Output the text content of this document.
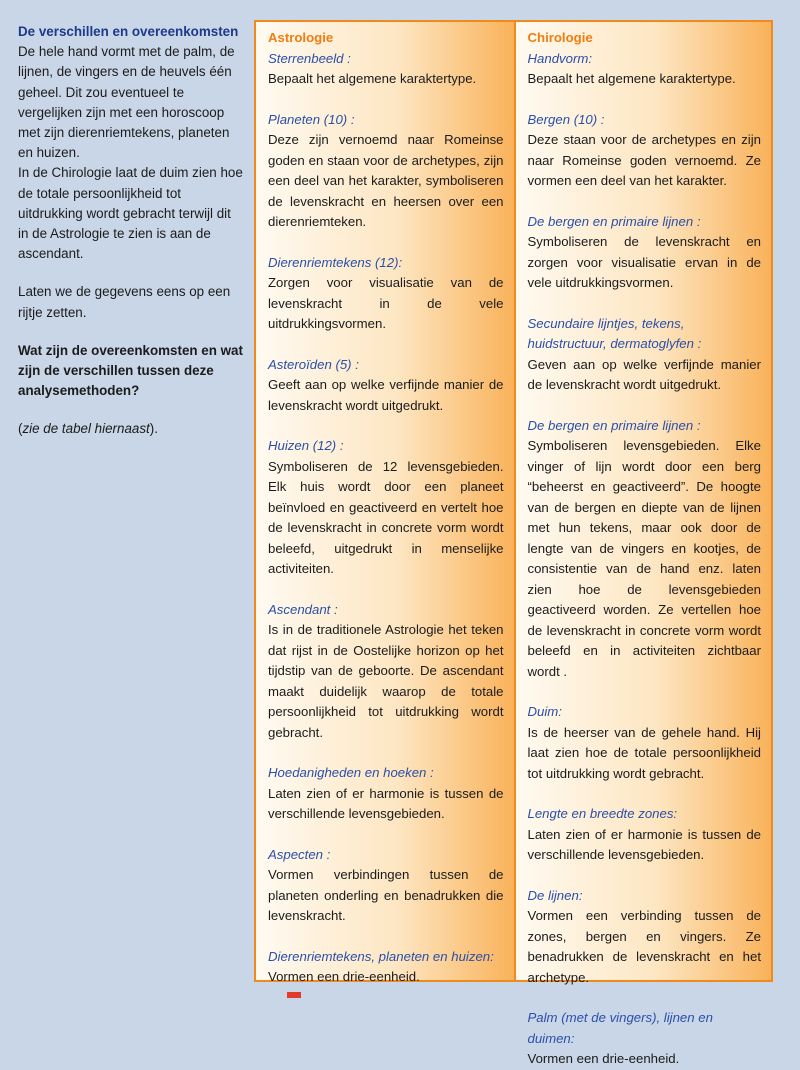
De verschillen en overeenkomsten

De hele hand vormt met de palm, de lijnen, de vingers en de heuvels één geheel. Dit zou eventueel te vergelijken zijn met een horoscoop met zijn dierenriemtekens, planeten en huizen.

In de Chirologie laat de duim zien hoe de totale persoonlijkheid tot uitdrukking wordt gebracht terwijl dit in de Astrologie te zien is aan de ascendant.

Laten we de gegevens eens op een rijtje zetten.

Wat zijn de overeenkomsten en wat zijn de verschillen tussen deze analysemethoden?

(zie de tabel hiernaast).

Astrologie
Sterrenbeeld :

Bepaalt het algemene karaktertype.
Planeten (10) :

Deze zijn vernoemd naar Romeinse goden en staan voor de archetypes, zijn een deel van het karakter, symboliseren de levenskracht en heersen over een dierenriemteken.
Dierenriemtekens (12):

Zorgen voor visualisatie van de levenskracht in de vele uitdrukkingsvormen.
Asteroïden (5) :

Geeft aan op welke verfijnde manier de levenskracht wordt uitgedrukt.
Huizen (12) :

Symboliseren de 12 levensgebieden. Elk huis wordt door een planeet beïnvloed en geactiveerd en vertelt hoe de levenskracht in concrete vorm wordt beleefd, uitgedrukt in menselijke activiteiten.
Ascendant :

Is in de traditionele Astrologie het teken dat rijst in de Oostelijke horizon op het tijdstip van de geboorte. De ascendant maakt duidelijk waarop de totale persoonlijkheid tot uitdrukking wordt gebracht.
Hoedanigheden en hoeken :

Laten zien of er harmonie is tussen de verschillende levensgebieden.
Aspecten :

Vormen verbindingen tussen de planeten onderling en benadrukken die levenskracht.
Dierenriemtekens, planeten en huizen:

Vormen een drie-eenheid.
Chirologie
Handvorm:

Bepaalt het algemene karaktertype.
Bergen (10) :

Deze staan voor de archetypes en zijn naar Romeinse goden vernoemd. Ze vormen een deel van het karakter.
De bergen en primaire lijnen :

Symboliseren de levenskracht en zorgen voor visualisatie ervan in de vele uitdrukkingsvormen.
Secundaire lijntjes, tekens, huidstructuur, dermatoglyfen :

Geven aan op welke verfijnde manier de levenskracht wordt uitgedrukt.
De bergen en primaire lijnen :

Symboliseren levensgebieden. Elke vinger of lijn wordt door een berg “beheerst en geactiveerd”. De hoogte van de bergen en diepte van de lijnen met hun tekens, maar ook door de lengte van de vingers en kootjes, de consistentie van de hand enz. laten zien hoe de levensgebieden geactiveerd worden. Ze vertellen hoe de levenskracht in concrete vorm wordt beleefd en in activiteiten zichtbaar wordt .
Duim:

Is de heerser van de gehele hand. Hij laat zien hoe de totale persoonlijkheid tot uitdrukking wordt gebracht.
Lengte en breedte zones:

Laten zien of er harmonie is tussen de verschillende levensgebieden.
De lijnen:

Vormen een verbinding tussen de zones, bergen en vingers. Ze benadrukken de levenskracht en het archetype.
Palm (met de vingers), lijnen en duimen:

Vormen een drie-eenheid.
